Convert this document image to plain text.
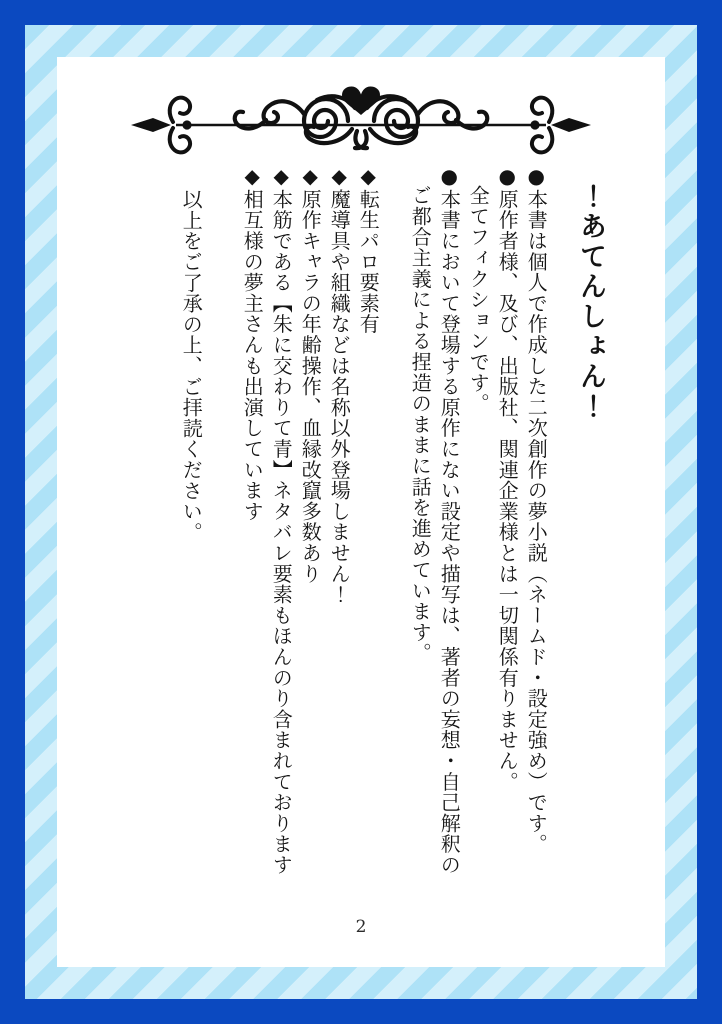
！あてんしょん！
●本書は個人で作成した二次創作の夢小説（ネームド・設定強め）です。
●原作者様、及び、出版社、関連企業様とは一切関係有りません。
全てフィクションです。
●本書において登場する原作にない設定や描写は、著者の妄想・自己解釈の
ご都合主義による捏造のままに話を進めています。
◆転生パロ要素有
◆魔導具や組織などは名称以外登場しません！
◆原作キャラの年齢操作、血縁改竄多数あり
◆本筋である【朱に交わりて青】ネタバレ要素もほんのり含まれております
◆相互様の夢主さんも出演しています
以上をご了承の上、ご拝読ください。
2
